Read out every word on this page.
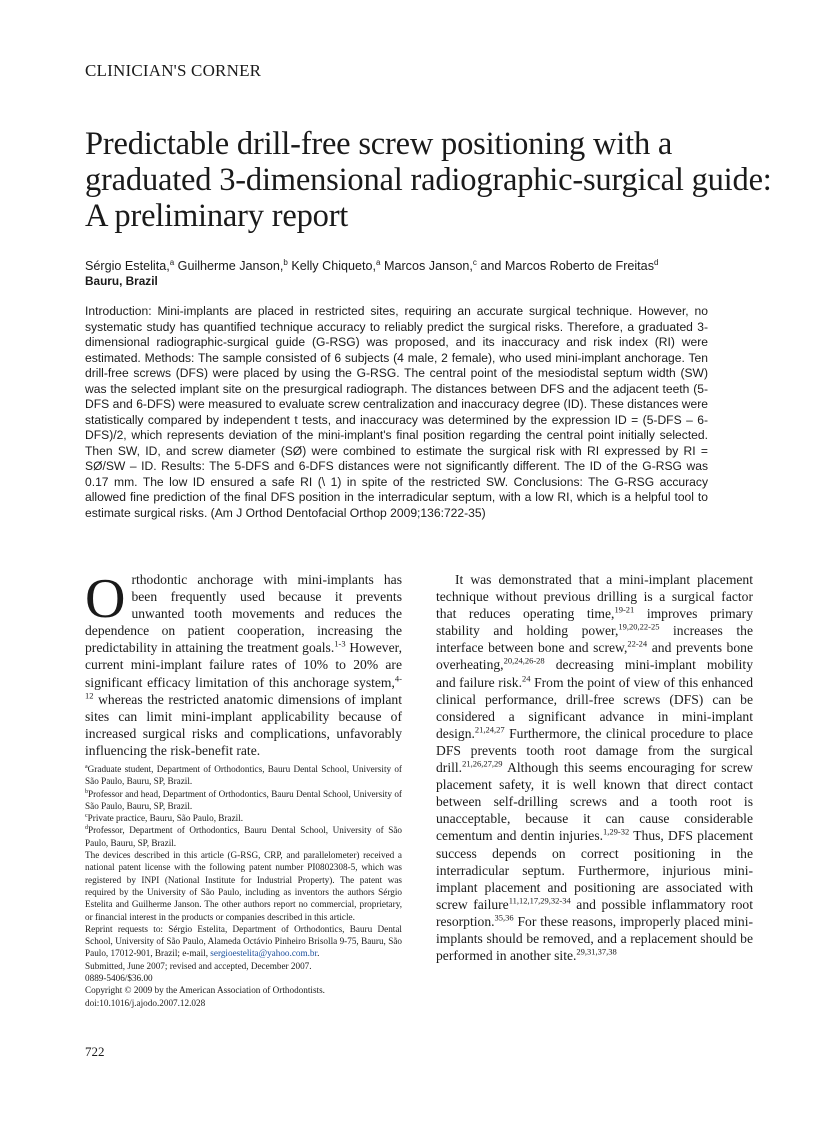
CLINICIAN'S CORNER
Predictable drill-free screw positioning with a graduated 3-dimensional radiographic-surgical guide: A preliminary report
Sérgio Estelita,$^a$ Guilherme Janson,$^b$ Kelly Chiqueto,$^a$ Marcos Janson,$^c$ and Marcos Roberto de Freitas$^d$
Bauru, Brazil

Introduction: Mini-implants are placed in restricted sites, requiring an accurate surgical technique. However, no systematic study has quantified technique accuracy to reliably predict the surgical risks. Therefore, a graduated 3-dimensional radiographic-surgical guide (G-RSG) was proposed, and its inaccuracy and risk index (RI) were estimated. Methods: The sample consisted of 6 subjects (4 male, 2 female), who used mini-implant anchorage. Ten drill-free screws (DFS) were placed by using the G-RSG. The central point of the mesiodistal septum width (SW) was the selected implant site on the presurgical radiograph. The distances between DFS and the adjacent teeth (5-DFS and 6-DFS) were measured to evaluate screw centralization and inaccuracy degree (ID). These distances were statistically compared by independent t tests, and inaccuracy was determined by the expression ID = (5-DFS – 6-DFS)/2, which represents deviation of the mini-implant's final position regarding the central point initially selected. Then SW, ID, and screw diameter (SØ) were combined to estimate the surgical risk with RI expressed by RI = SØ/SW – ID. Results: The 5-DFS and 6-DFS distances were not significantly different. The ID of the G-RSG was 0.17 mm. The low ID ensured a safe RI (\ 1) in spite of the restricted SW. Conclusions: The G-RSG accuracy allowed fine prediction of the final DFS position in the interradicular septum, with a low RI, which is a helpful tool to estimate surgical risks. (Am J Orthod Dentofacial Orthop 2009;136:722-35)

Orthodontic anchorage with mini-implants has been frequently used because it prevents unwanted tooth movements and reduces the dependence on patient cooperation, increasing the predictability in attaining the treatment goals.$^{1-3}$ However, current mini-implant failure rates of 10% to 20% are significant efficacy limitation of this anchorage system,$^{4-12}$ whereas the restricted anatomic dimensions of implant sites can limit mini-implant applicability because of increased surgical risks and complications, unfavorably influencing the risk-benefit rate.

$^a$Graduate student, Department of Orthodontics, Bauru Dental School, University of São Paulo, Bauru, SP, Brazil.

$^b$Professor and head, Department of Orthodontics, Bauru Dental School, University of São Paulo, Bauru, SP, Brazil.

$^c$Private practice, Bauru, São Paulo, Brazil.

$^d$Professor, Department of Orthodontics, Bauru Dental School, University of São Paulo, Bauru, SP, Brazil.

The devices described in this article (G-RSG, CRP, and parallelometer) received a national patent license with the following patent number PI0802308-5, which was registered by INPI (National Institute for Industrial Property). The patent was required by the University of São Paulo, including as inventors the authors Sérgio Estelita and Guilherme Janson. The other authors report no commercial, proprietary, or financial interest in the products or companies described in this article.

Reprint requests to: Sérgio Estelita, Department of Orthodontics, Bauru Dental School, University of São Paulo, Alameda Octávio Pinheiro Brisolla 9-75, Bauru, São Paulo, 17012-901, Brazil; e-mail, sergioestelita@yahoo.com.br.

Submitted, June 2007; revised and accepted, December 2007.

0889-5406/$36.00

Copyright © 2009 by the American Association of Orthodontists.

doi:10.1016/j.ajodo.2007.12.028

It was demonstrated that a mini-implant placement technique without previous drilling is a surgical factor that reduces operating time,$^{19-21}$ improves primary stability and holding power,$^{19,20,22-25}$ increases the interface between bone and screw,$^{22-24}$ and prevents bone overheating,$^{20,24,26-28}$ decreasing mini-implant mobility and failure risk.$^{24}$ From the point of view of this enhanced clinical performance, drill-free screws (DFS) can be considered a significant advance in mini-implant design.$^{21,24,27}$ Furthermore, the clinical procedure to place DFS prevents tooth root damage from the surgical drill.$^{21,26,27,29}$ Although this seems encouraging for screw placement safety, it is well known that direct contact between self-drilling screws and a tooth root is unacceptable, because it can cause considerable cementum and dentin injuries.$^{1,29-32}$ Thus, DFS placement success depends on correct positioning in the interradicular septum. Furthermore, injurious mini-implant placement and positioning are associated with screw failure$^{11,12,17,29,32-34}$ and possible inflammatory root resorption.$^{35,36}$ For these reasons, improperly placed mini-implants should be removed, and a replacement should be performed in another site.$^{29,31,37,38}$

722
